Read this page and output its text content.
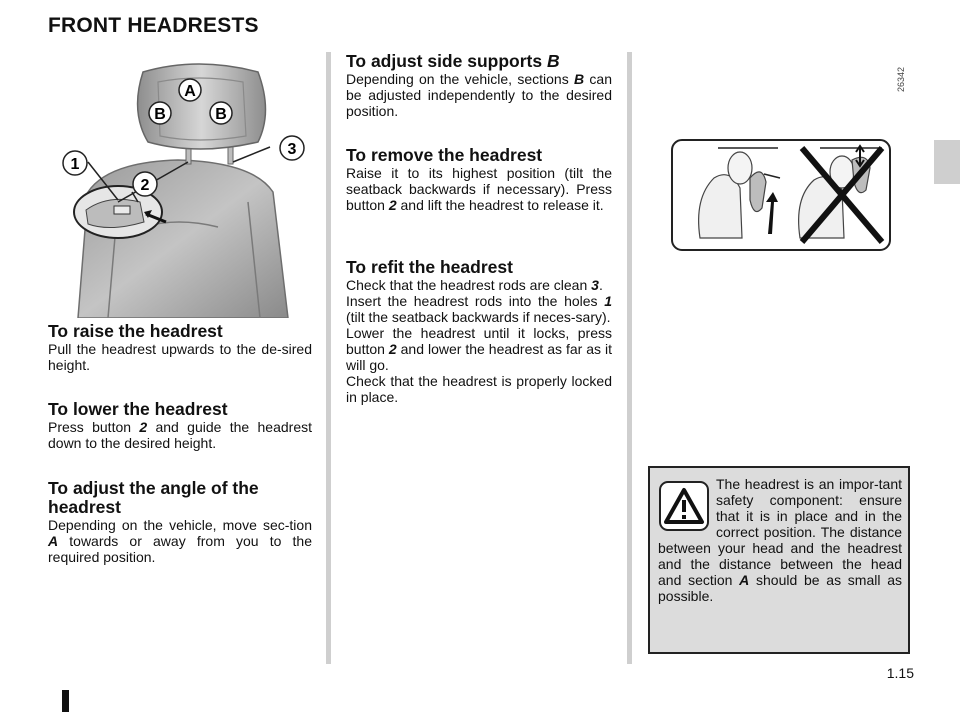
FRONT HEADRESTS
26342
A
B	B
1
2
3
To raise the headrest

Pull the headrest upwards to the de-sired height.

To lower the headrest

Press button 2 and guide the headrest down to the desired height.

To adjust the angle of the headrest

Depending on the vehicle, move sec-tion A towards or away from you to the required position.

To adjust side supports B

Depending on the vehicle, sections B can be adjusted independently to the desired position.

To remove the headrest

Raise it to its highest position (tilt the seatback backwards if necessary). Press button 2 and lift the headrest to release it.

To refit the headrest

Check that the headrest rods are clean 3.

Insert the headrest rods into the holes 1 (tilt the seatback backwards if neces-sary).

Lower the headrest until it locks, press button 2 and lower the headrest as far as it will go.

Check that the headrest is properly locked in place.

The headrest is an impor-tant safety component: ensure that it is in place and in the correct position. The distance between your head and the headrest and the distance between the head and section A should be as small as possible.
1.15
